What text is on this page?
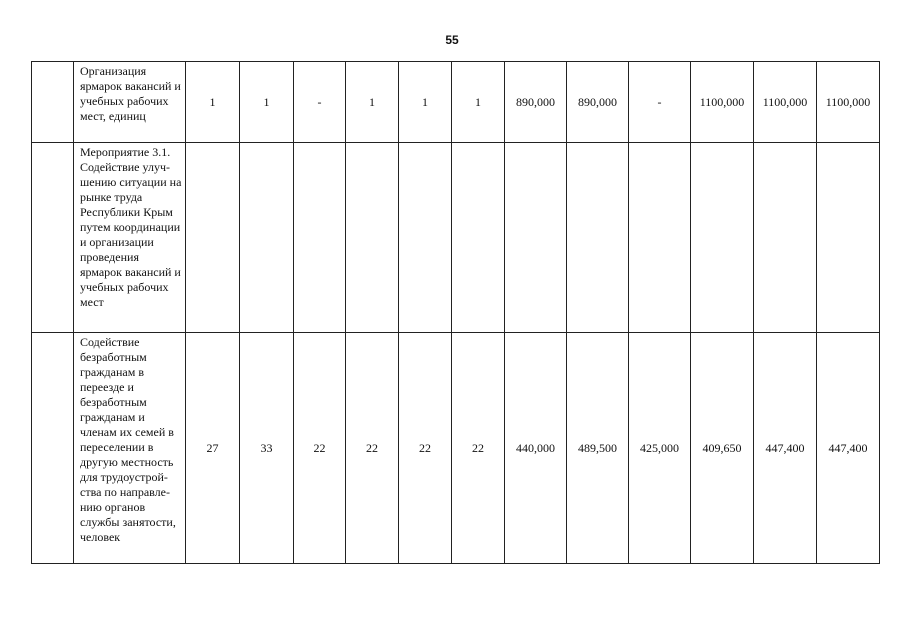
55
	Организация ярмарок вакансий и учебных рабочих мест, единиц	1	1	-	1	1	1	890,000	890,000	-	1100,000	1100,000	1100,000
	Мероприятие 3.1. Содействие улуч-шению ситуации на рынке труда Республики Крым путем координации и организации проведения ярмарок вакансий и учебных рабочих мест												
	Содействие безработным гражданам в переезде и безработным гражданам и членам их семей в переселении в другую местность для трудоустрой-ства по направле-нию органов службы занятости, человек	27	33	22	22	22	22	440,000	489,500	425,000	409,650	447,400	447,400
